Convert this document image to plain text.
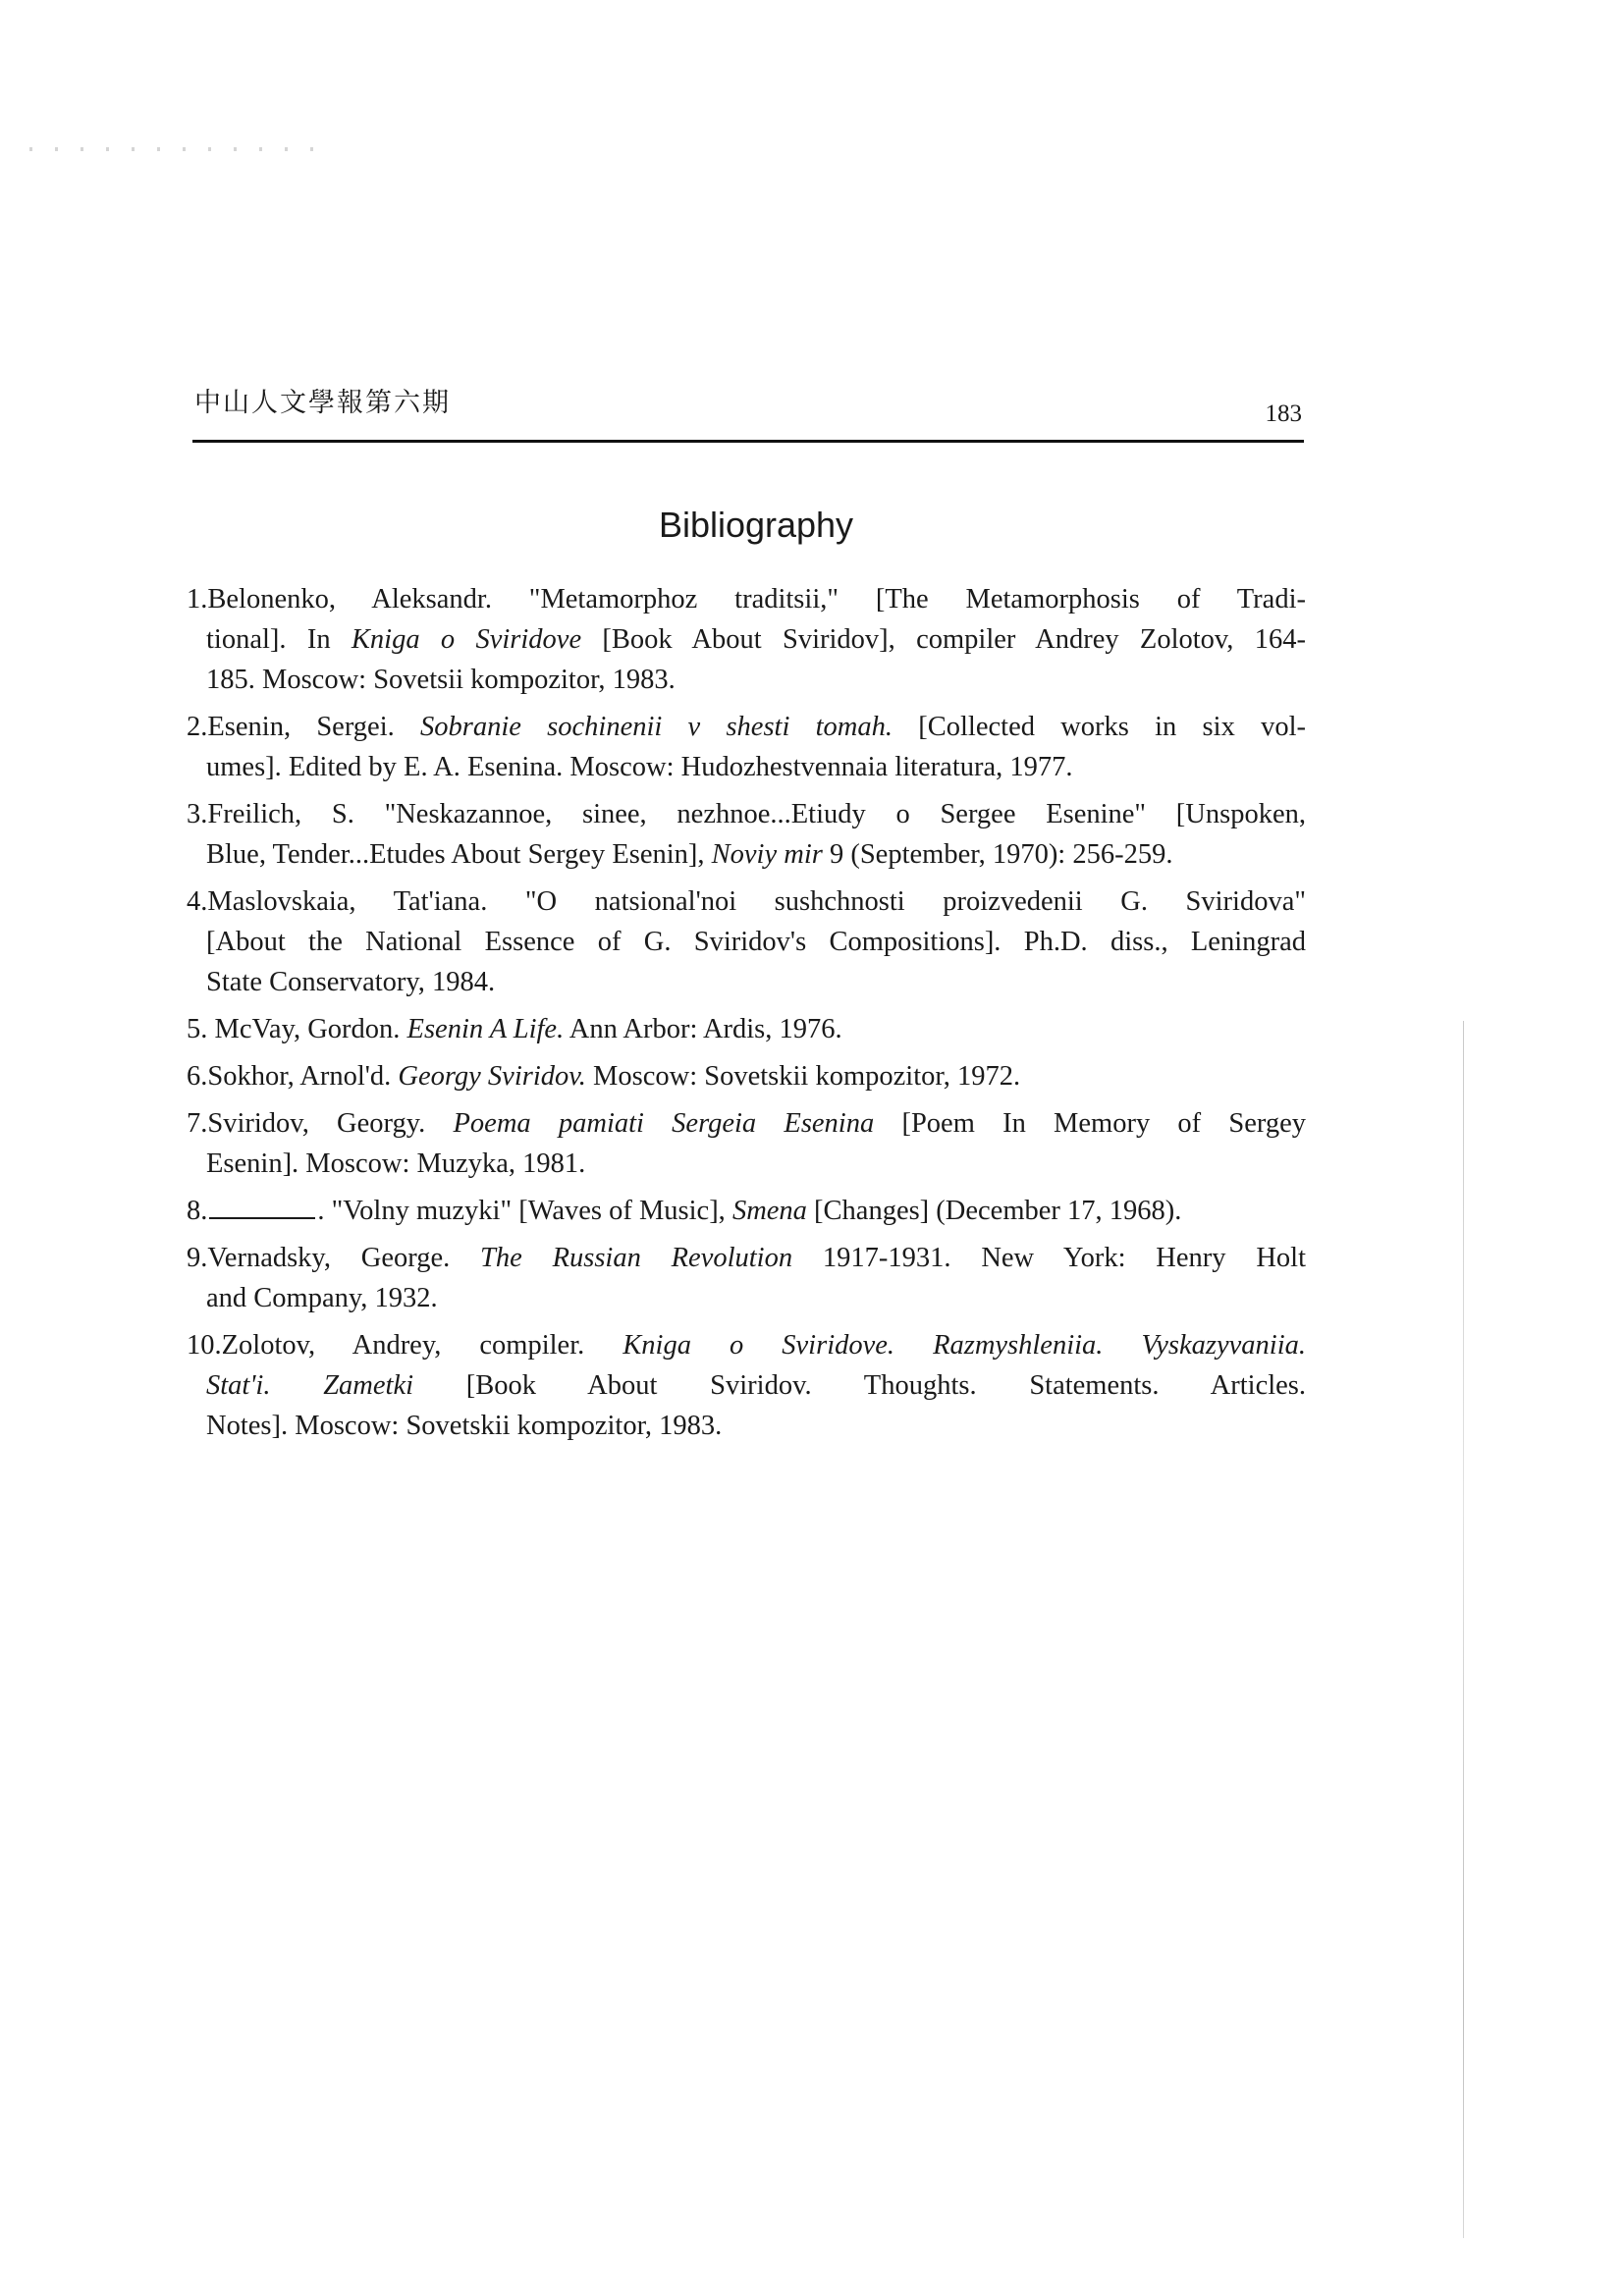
中山人文學報第六期	183
Bibliography
1.Belonenko, Aleksandr. "Metamorphoz traditsii," [The Metamorphosis of Tradi-
tional]. In Kniga o Sviridove [Book About Sviridov], compiler Andrey Zolotov, 164-
185. Moscow: Sovetsii kompozitor, 1983.
2.Esenin, Sergei. Sobranie sochinenii v shesti tomah. [Collected works in six vol-
umes]. Edited by E. A. Esenina. Moscow: Hudozhestvennaia literatura, 1977.
3.Freilich, S. "Neskazannoe, sinee, nezhnoe...Etiudy o Sergee Esenine" [Unspoken,
Blue, Tender...Etudes About Sergey Esenin], Noviy mir 9 (September, 1970): 256-259.
4.Maslovskaia, Tat'iana. "O natsional'noi sushchnosti proizvedenii G. Sviridova"
[About the National Essence of G. Sviridov's Compositions]. Ph.D. diss., Leningrad
State Conservatory, 1984.
5. McVay, Gordon. Esenin A Life. Ann Arbor: Ardis, 1976.
6.Sokhor, Arnol'd. Georgy Sviridov. Moscow: Sovetskii kompozitor, 1972.
7.Sviridov, Georgy. Poema pamiati Sergeia Esenina [Poem In Memory of Sergey
Esenin]. Moscow: Muzyka, 1981.
8.	. "Volny muzyki" [Waves of Music], Smena [Changes] (December 17, 1968).
9.Vernadsky, George. The Russian Revolution 1917-1931. New York: Henry Holt
and Company, 1932.
10.Zolotov, Andrey, compiler. Kniga o Sviridove. Razmyshleniia. Vyskazyvaniia.
Stat'i. Zametki [Book About Sviridov. Thoughts. Statements. Articles.
Notes]. Moscow: Sovetskii kompozitor, 1983.
